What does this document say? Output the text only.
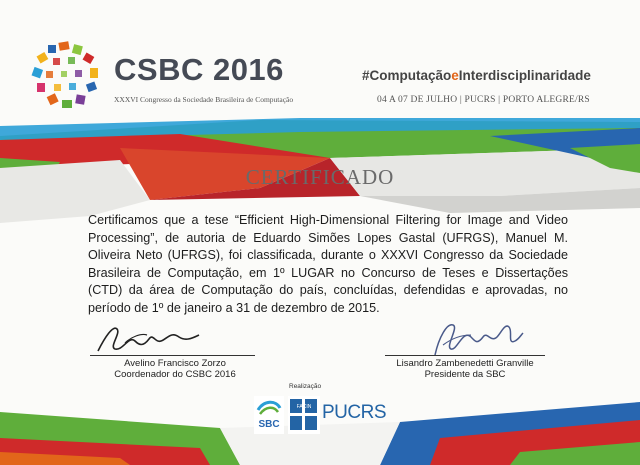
CSBC 2016
XXXVI Congresso da Sociedade Brasileira de Computação
#ComputaçãoeInterdisciplinaridade
04 A 07 DE JULHO | PUCRS | PORTO ALEGRE/RS
CERTIFICADO
Certificamos que a tese “Efficient High-Dimensional Filtering for Image and Video Processing”, de autoria de Eduardo Simões Lopes Gastal (UFRGS), Manuel M. Oliveira Neto (UFRGS), foi classificada, durante o XXXVI Congresso da Sociedade Brasileira de Computação, em 1º LUGAR no Concurso de Teses e Dissertações (CTD) da área de Computação do país, concluídas, defendidas e aprovadas, no período de 1º de janeiro a 31 de dezembro de 2015.
Avelino Francisco Zorzo
Coordenador do CSBC 2016
Lisandro Zambenedetti Granville
Presidente da SBC
Realização
SBC
FACIN PUCRS
